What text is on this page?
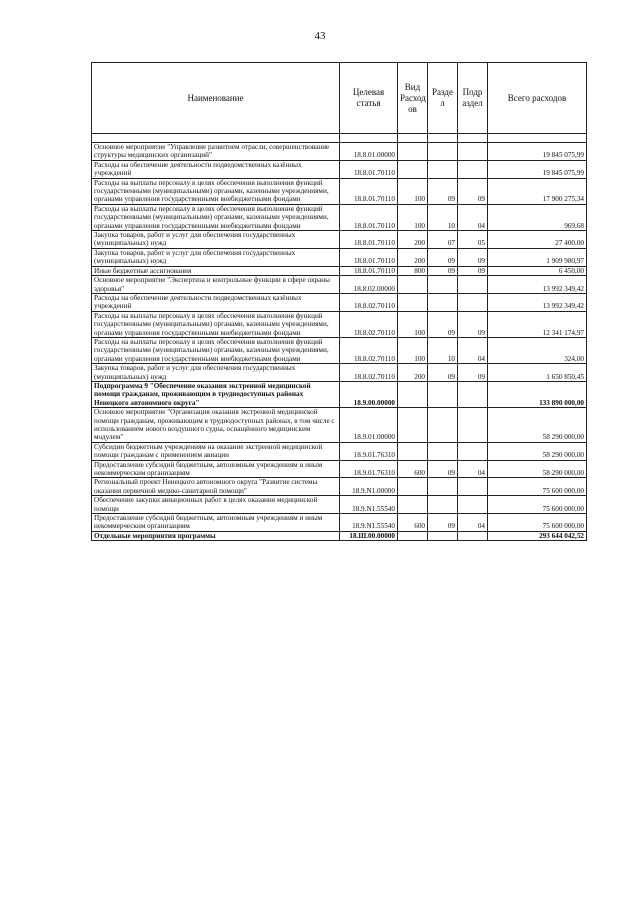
43
Наименование	Целевая статья	Вид Расход ов	Разде л	Подр аздел	Всего расходов

Основное мероприятие "Управление развитием отрасли, совершенствование структуры медицинских организаций"	18.8.01.00000				19 845 075,99
Расходы на обеспечение деятельности подведомственных казённых учреждений	18.8.01.70110				19 845 075,99
Расходы на выплаты персоналу в целях обеспечения выполнения функций государственными (муниципальными) органами, казенными учреждениями, органами управления государственными внебюджетными фондами	18.8.01.70110	100	09	09	17 900 275,34
Расходы на выплаты персоналу в целях обеспечения выполнения функций государственными (муниципальными) органами, казенными учреждениями, органами управления государственными внебюджетными фондами	18.8.01.70110	100	10	04	969,68
Закупка товаров, работ и услуг для обеспечения государственных (муниципальных) нужд	18.8.01.70110	200	07	05	27 400,00
Закупка товаров, работ и услуг для обеспечения государственных (муниципальных) нужд	18.8.01.70110	200	09	09	1 909 980,97
Иные бюджетные ассигнования	18.8.01.70110	800	09	09	6 450,00
Основное мероприятие "Экспертиза и контрольные функции в сфере охраны здоровья"	18.8.02.00000				13 992 349,42
Расходы на обеспечение деятельности подведомственных казённых учреждений	18.8.02.70110				13 992 349,42
Расходы на выплаты персоналу в целях обеспечения выполнения функций государственными (муниципальными) органами, казенными учреждениями, органами управления государственными внебюджетными фондами	18.8.02.70110	100	09	09	12 341 174,97
Расходы на выплаты персоналу в целях обеспечения выполнения функций государственными (муниципальными) органами, казенными учреждениями, органами управления государственными внебюджетными фондами	18.8.02.70110	100	10	04	324,00
Закупка товаров, работ и услуг для обеспечения государственных (муниципальных) нужд	18.8.02.70110	200	09	09	1 650 850,45
Подпрограмма 9 "Обеспечение оказания экстренной медицинской помощи гражданам, проживающим в труднодоступных районах Ненецкого автономного округа"	18.9.00.00000				133 890 000,00
Основное мероприятие "Организация оказания экстренной медицинской помощи гражданам, проживающим в труднодоступных районах, в том числе с использованием нового воздушного судна, оснащённого медицинским модулем"	18.9.01.00000				58 290 000,00
Субсидии бюджетным учреждениям на оказание экстренной медицинской помощи гражданам с применением авиации	18.9.01.76310				58 290 000,00
Предоставление субсидий бюджетным, автономным учреждениям и иным некоммерческим организациям	18.9.01.76310	600	09	04	58 290 000,00
Региональный проект Ненецкого автономного округа "Развитие системы оказания первичной медико-санитарной помощи"	18.9.N1.00000				75 600 000,00
Обеспечение закупки авиационных работ в целях оказания медицинской помощи	18.9.N1.55540				75 600 000,00
Предоставление субсидий бюджетным, автономным учреждениям и иным некоммерческим организациям	18.9.N1.55540	600	09	04	75 600 000,00
Отдельные мероприятия программы	18.Ш.00.00000				293 644 042,52
